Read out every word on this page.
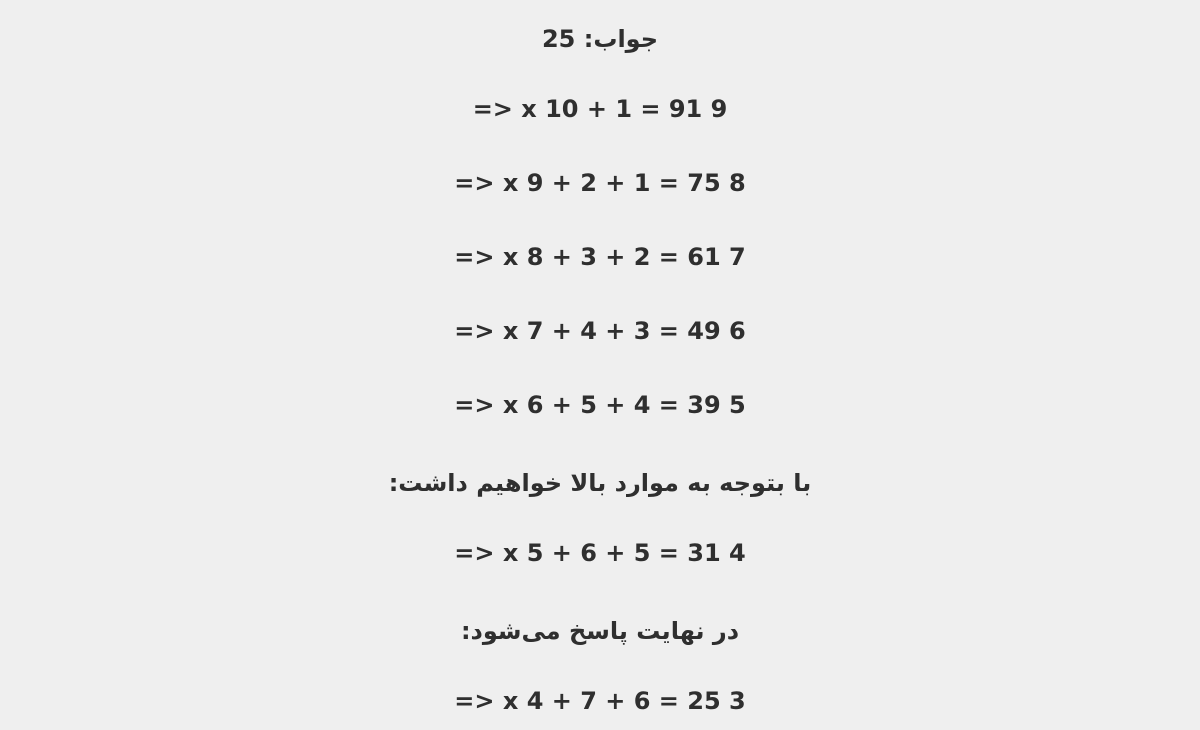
جواب: 25
9 x 10 + 1 = 91 <=
8 x 9 + 2 + 1 = 75 <=
7 x 8 + 3 + 2 = 61 <=
6 x 7 + 4 + 3 = 49 <=
5 x 6 + 5 + 4 = 39 <=
با بتوجه به موارد بالا خواهیم داشت:
4 x 5 + 6 + 5 = 31 <=
در نهایت پاسخ می‌شود:
3 x 4 + 7 + 6 = 25 <=
